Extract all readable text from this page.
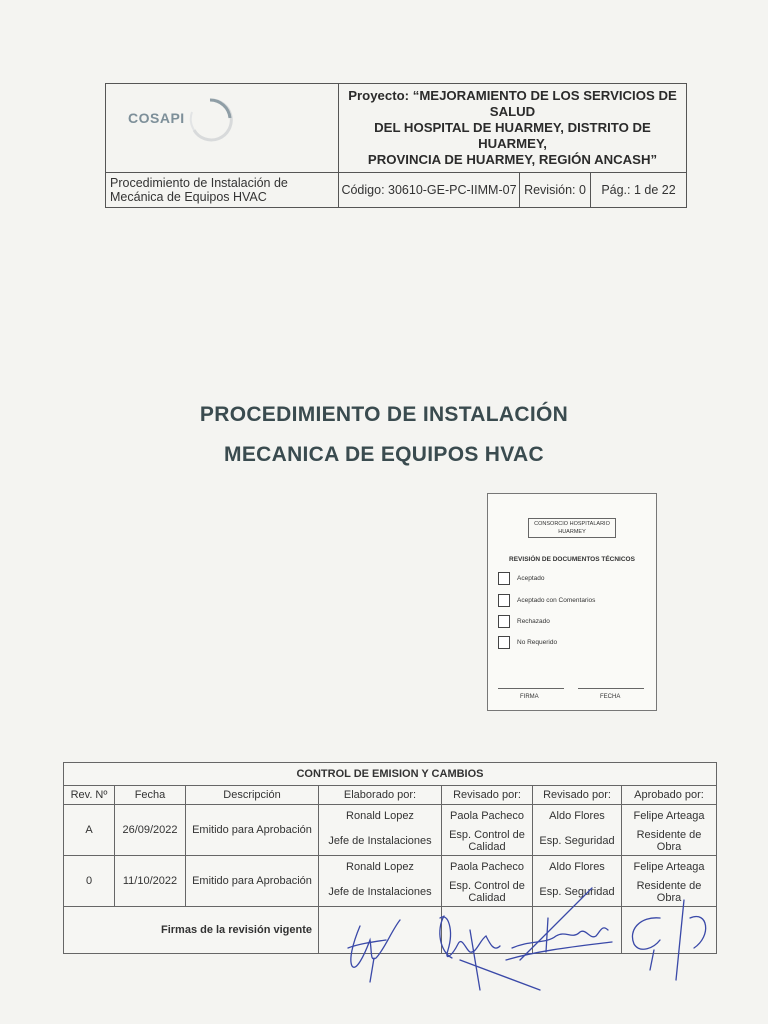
COSAPI	Proyecto: “MEJORAMIENTO DE LOS SERVICIOS DE SALUD
DEL HOSPITAL DE HUARMEY, DISTRITO DE HUARMEY,
PROVINCIA DE HUARMEY, REGIÓN ANCASH”		

Procedimiento de Instalación de
Mecánica de Equipos HVAC	Código: 30610-GE-PC-IIMM-07	Revisión: 0	Pág.: 1 de 22
PROCEDIMIENTO DE INSTALACIÓN
MECANICA DE EQUIPOS HVAC
CONSORCIO HOSPITALARIO
HUARMEY
REVISIÓN DE DOCUMENTOS TÉCNICOS
Aceptado
Aceptado con Comentarios
Rechazado
No Requerido
FIRMA	FECHA
CONTROL DE EMISION Y CAMBIOS						
Rev. Nº	Fecha	Descripción	Elaborado por:	Revisado por:	Revisado por:	Aprobado por:
A	26/09/2022	Emitido para Aprobación	Ronald Lopez	Paola Pacheco	Aldo Flores	Felipe Arteaga
			Jefe de Instalaciones	Esp. Control de Calidad	Esp. Seguridad	Residente de Obra
0	11/10/2022	Emitido para Aprobación	Ronald Lopez	Paola Pacheco	Aldo Flores	Felipe Arteaga
			Jefe de Instalaciones	Esp. Control de Calidad	Esp. Seguridad	Residente de Obra
Firmas de la revisión vigente						
